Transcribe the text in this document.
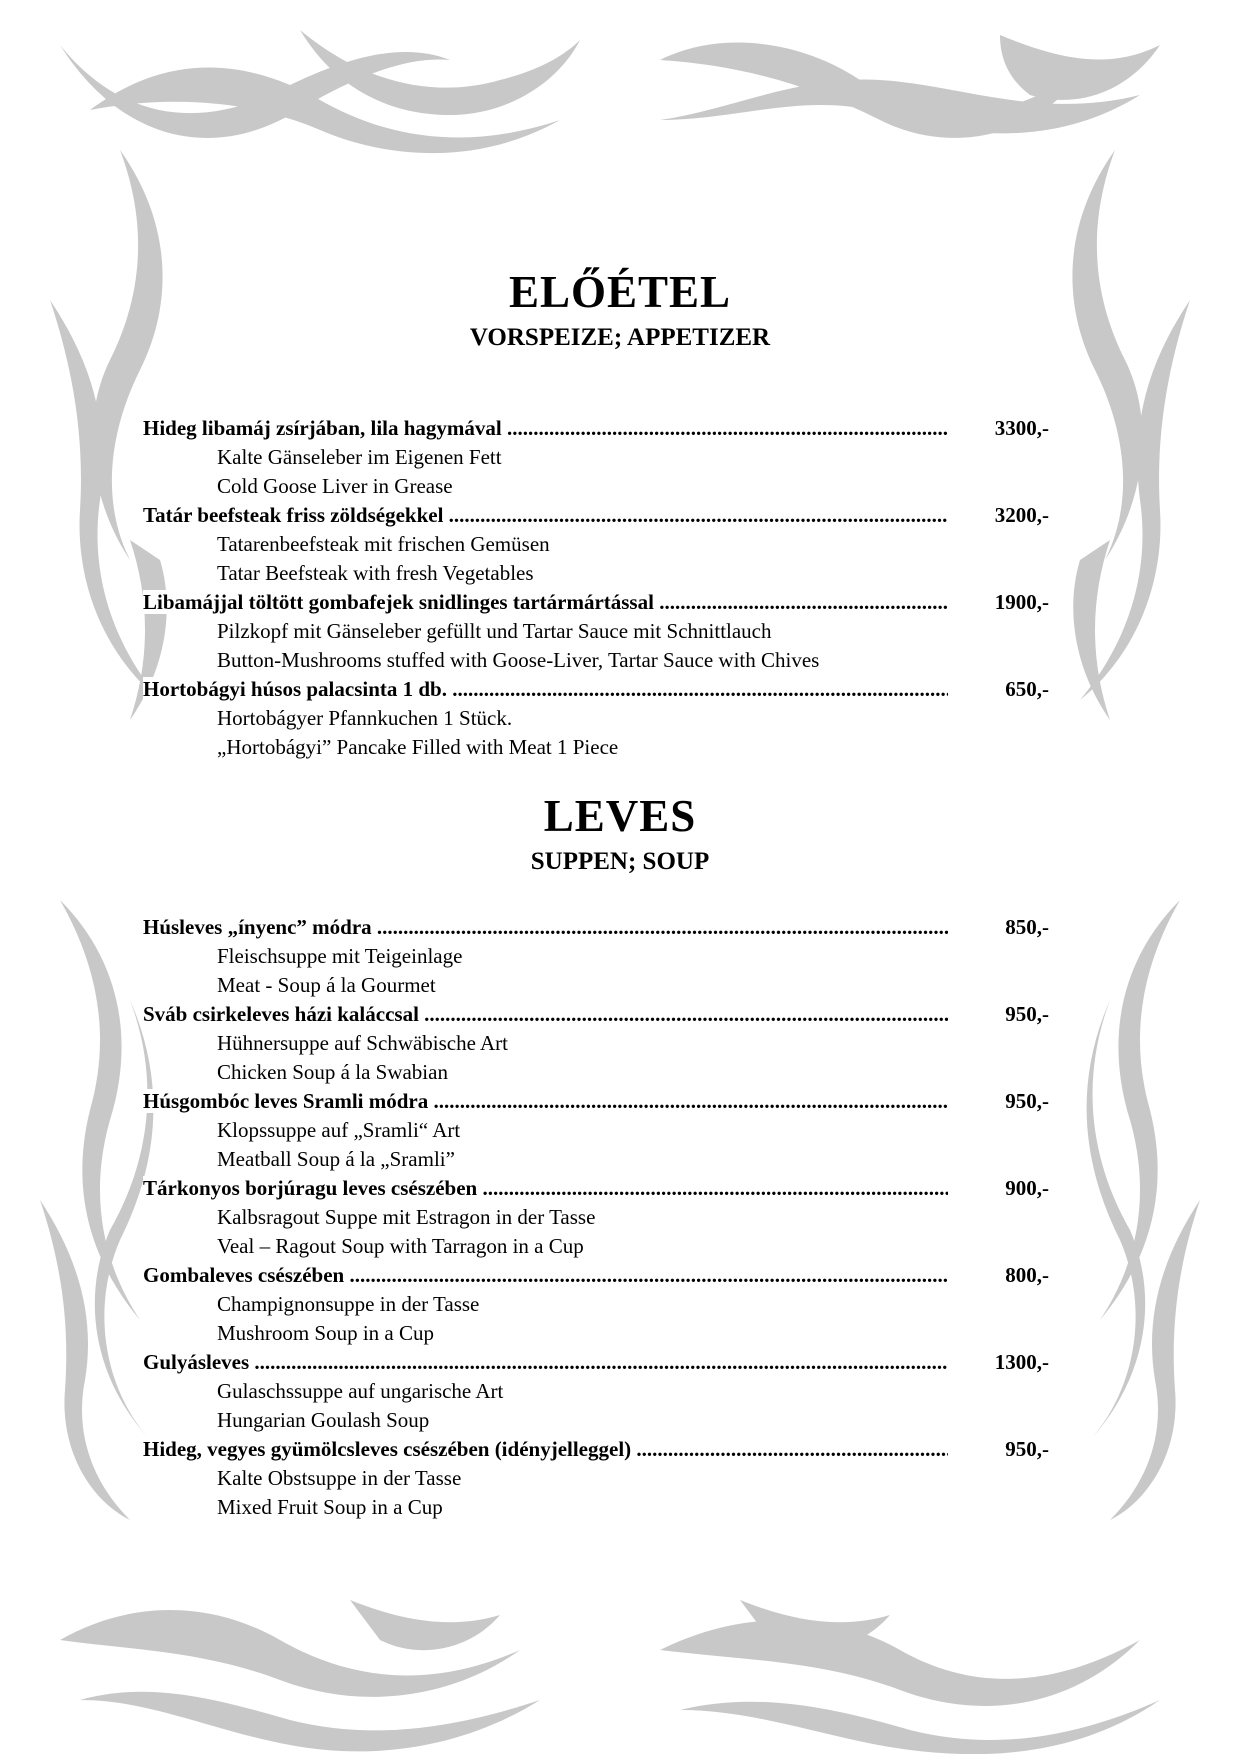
ELŐÉTEL
VORSPEIZE; APPETIZER
Hideg libamáj zsírjában, lila hagymával .....	3300,-
Kalte Gänseleber im Eigenen Fett
Cold Goose Liver in Grease
Tatár beefsteak friss zöldségekkel .....	3200,-
Tatarenbeefsteak mit frischen Gemüsen
Tatar Beefsteak with fresh Vegetables
Libamájjal töltött gombafejek snidlinges tartármártással .....	1900,-
Pilzkopf mit Gänseleber gefüllt und Tartar Sauce mit Schnittlauch
Button-Mushrooms stuffed with Goose-Liver, Tartar Sauce with Chives
Hortobágyi húsos palacsinta 1 db. .....	650,-
Hortobágyer Pfannkuchen 1 Stück.
„Hortobágyi” Pancake Filled with Meat 1 Piece
LEVES
SUPPEN; SOUP
Húsleves „ínyenc” módra .....	850,-
Fleischsuppe mit Teigeinlage
Meat - Soup á la Gourmet
Sváb csirkeleves házi kaláccsal .....	950,-
Hühnersuppe auf Schwäbische Art
Chicken Soup á la Swabian
Húsgombóc leves Sramli módra .....	950,-
Klopssuppe auf „Sramli“ Art
Meatball Soup á la „Sramli”
Tárkonyos borjúragu leves csészében .....	900,-
Kalbsragout Suppe mit Estragon in der Tasse
Veal – Ragout Soup with Tarragon in a Cup
Gombaleves csészében .....	800,-
Champignonsuppe in der Tasse
Mushroom Soup in a Cup
Gulyásleves .....	1300,-
Gulaschssuppe auf ungarische Art
Hungarian Goulash Soup
Hideg, vegyes gyümölcsleves csészében (idényjelleggel) .....	950,-
Kalte Obstsuppe in der Tasse
Mixed Fruit Soup in a Cup
